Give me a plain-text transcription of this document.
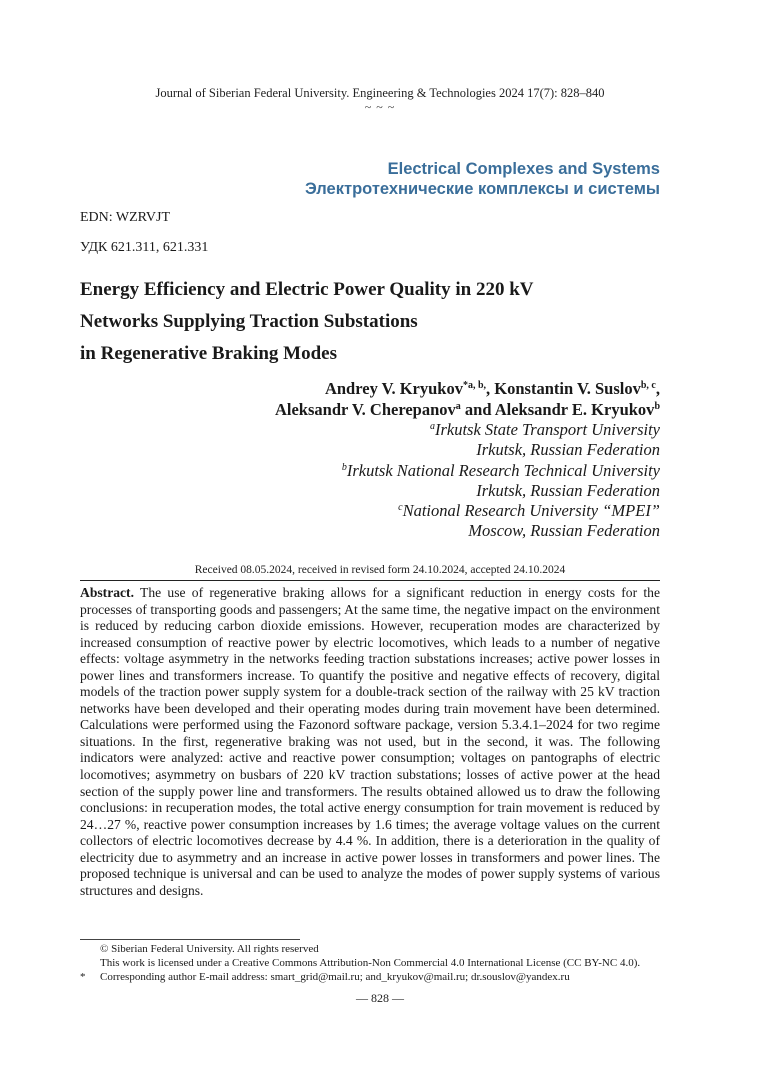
Journal of Siberian Federal University. Engineering & Technologies 2024 17(7): 828–840
~ ~ ~
Electrical Complexes and Systems
Электротехнические комплексы и системы
EDN: WZRVJT
УДК 621.311, 621.331
Energy Efficiency and Electric Power Quality in 220 kV
Networks Supplying Traction Substations
in Regenerative Braking Modes
Andrey V. Kryukov$^{*a, b,}$, Konstantin V. Suslov$^{b, c}$,
Aleksandr V. Cherepanov$^a$ and Aleksandr E. Kryukov$^b$
$^a$Irkutsk State Transport University
Irkutsk, Russian Federation
$^b$Irkutsk National Research Technical University
Irkutsk, Russian Federation
$^c$National Research University “MPEI”
Moscow, Russian Federation
Received 08.05.2024, received in revised form 24.10.2024, accepted 24.10.2024
Abstract. The use of regenerative braking allows for a significant reduction in energy costs for the processes of transporting goods and passengers; At the same time, the negative impact on the environment is reduced by reducing carbon dioxide emissions. However, recuperation modes are characterized by increased consumption of reactive power by electric locomotives, which leads to a number of negative effects: voltage asymmetry in the networks feeding traction substations increases; active power losses in power lines and transformers increase. To quantify the positive and negative effects of recovery, digital models of the traction power supply system for a double-track section of the railway with 25 kV traction networks have been developed and their operating modes during train movement have been determined. Calculations were performed using the Fazonord software package, version 5.3.4.1–2024 for two regime situations. In the first, regenerative braking was not used, but in the second, it was. The following indicators were analyzed: active and reactive power consumption; voltages on pantographs of electric locomotives; asymmetry on busbars of 220 kV traction substations; losses of active power at the head section of the supply power line and transformers. The results obtained allowed us to draw the following conclusions: in recuperation modes, the total active energy consumption for train movement is reduced by 24…27 %, reactive power consumption increases by 1.6 times; the average voltage values on the current collectors of electric locomotives decrease by 4.4 %. In addition, there is a deterioration in the quality of electricity due to asymmetry and an increase in active power losses in transformers and power lines. The proposed technique is universal and can be used to analyze the modes of power supply systems of various structures and designs.
© Siberian Federal University. All rights reserved
This work is licensed under a Creative Commons Attribution-Non Commercial 4.0 International License (CC BY-NC 4.0).
* Corresponding author E-mail address: smart_grid@mail.ru; and_kryukov@mail.ru; dr.souslov@yandex.ru
— 828 —
